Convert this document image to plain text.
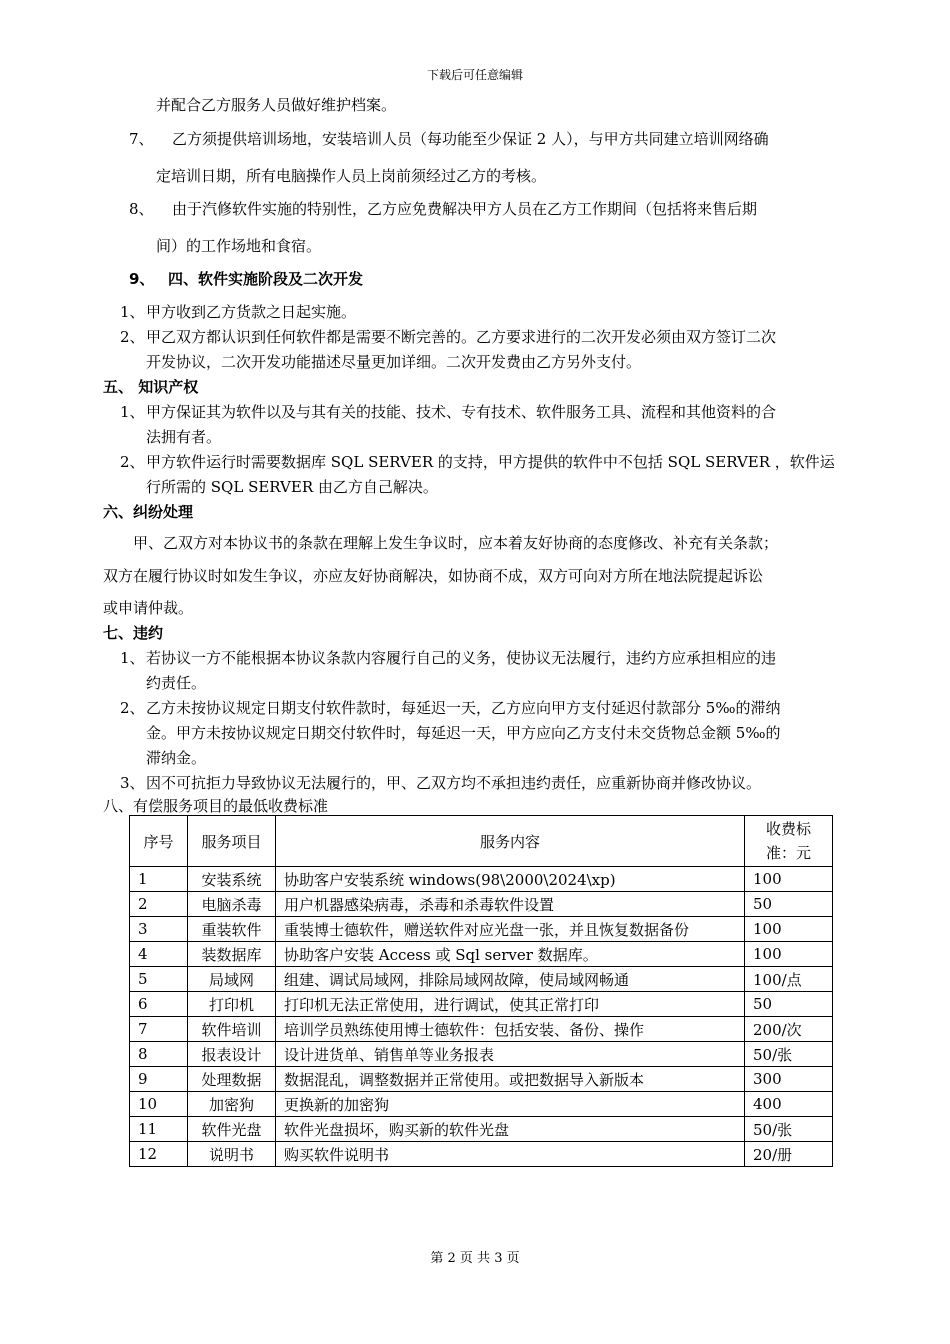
下载后可任意编辑
并配合乙方服务人员做好维护档案。
7、 乙方须提供培训场地，安装培训人员（每功能至少保证 2 人），与甲方共同建立培训网络确
定培训日期，所有电脑操作人员上岗前须经过乙方的考核。
8、 由于汽修软件实施的特别性，乙方应免费解决甲方人员在乙方工作期间（包括将来售后期
间）的工作场地和食宿。
9、 四、软件实施阶段及二次开发
1、 甲方收到乙方货款之日起实施。
2、 甲乙双方都认识到任何软件都是需要不断完善的。乙方要求进行的二次开发必须由双方签订二次
开发协议，二次开发功能描述尽量更加详细。二次开发费由乙方另外支付。
五、 知识产权
1、 甲方保证其为软件以及与其有关的技能、技术、专有技术、软件服务工具、流程和其他资料的合
法拥有者。
2、 甲方软件运行时需要数据库 SQL SERVER 的支持，甲方提供的软件中不包括 SQL SERVER ，软件运
行所需的 SQL SERVER 由乙方自己解决。
六、纠纷处理
甲、乙双方对本协议书的条款在理解上发生争议时，应本着友好协商的态度修改、补充有关条款；
双方在履行协议时如发生争议，亦应友好协商解决，如协商不成，双方可向对方所在地法院提起诉讼
或申请仲裁。
七、违约
1、 若协议一方不能根据本协议条款内容履行自己的义务，使协议无法履行，违约方应承担相应的违
约责任。
2、 乙方未按协议规定日期支付软件款时，每延迟一天，乙方应向甲方支付延迟付款部分 5‰的滞纳
金。甲方未按协议规定日期交付软件时，每延迟一天，甲方应向乙方支付未交货物总金额 5‰的
滞纳金。
3、 因不可抗拒力导致协议无法履行的，甲、乙双方均不承担违约责任，应重新协商并修改协议。
八、有偿服务项目的最低收费标准
序号	服务项目	服务内容	收费标
准：元

1	安装系统	协助客户安装系统 windows(98\2000\2024\xp)	100
2	电脑杀毒	用户机器感染病毒，杀毒和杀毒软件设置	50
3	重装软件	重装博士德软件，赠送软件对应光盘一张，并且恢复数据备份	100
4	装数据库	协助客户安装 Access 或 Sql server 数据库。	100
5	局域网	组建、调试局域网，排除局域网故障，使局域网畅通	100/点
6	打印机	打印机无法正常使用，进行调试，使其正常打印	50
7	软件培训	培训学员熟练使用博士德软件：包括安装、备份、操作	200/次
8	报表设计	设计进货单、销售单等业务报表	50/张
9	处理数据	数据混乱，调整数据并正常使用。或把数据导入新版本	300
10	加密狗	更换新的加密狗	400
11	软件光盘	软件光盘损坏，购买新的软件光盘	50/张
12	说明书	购买软件说明书	20/册
第 2 页 共 3 页
